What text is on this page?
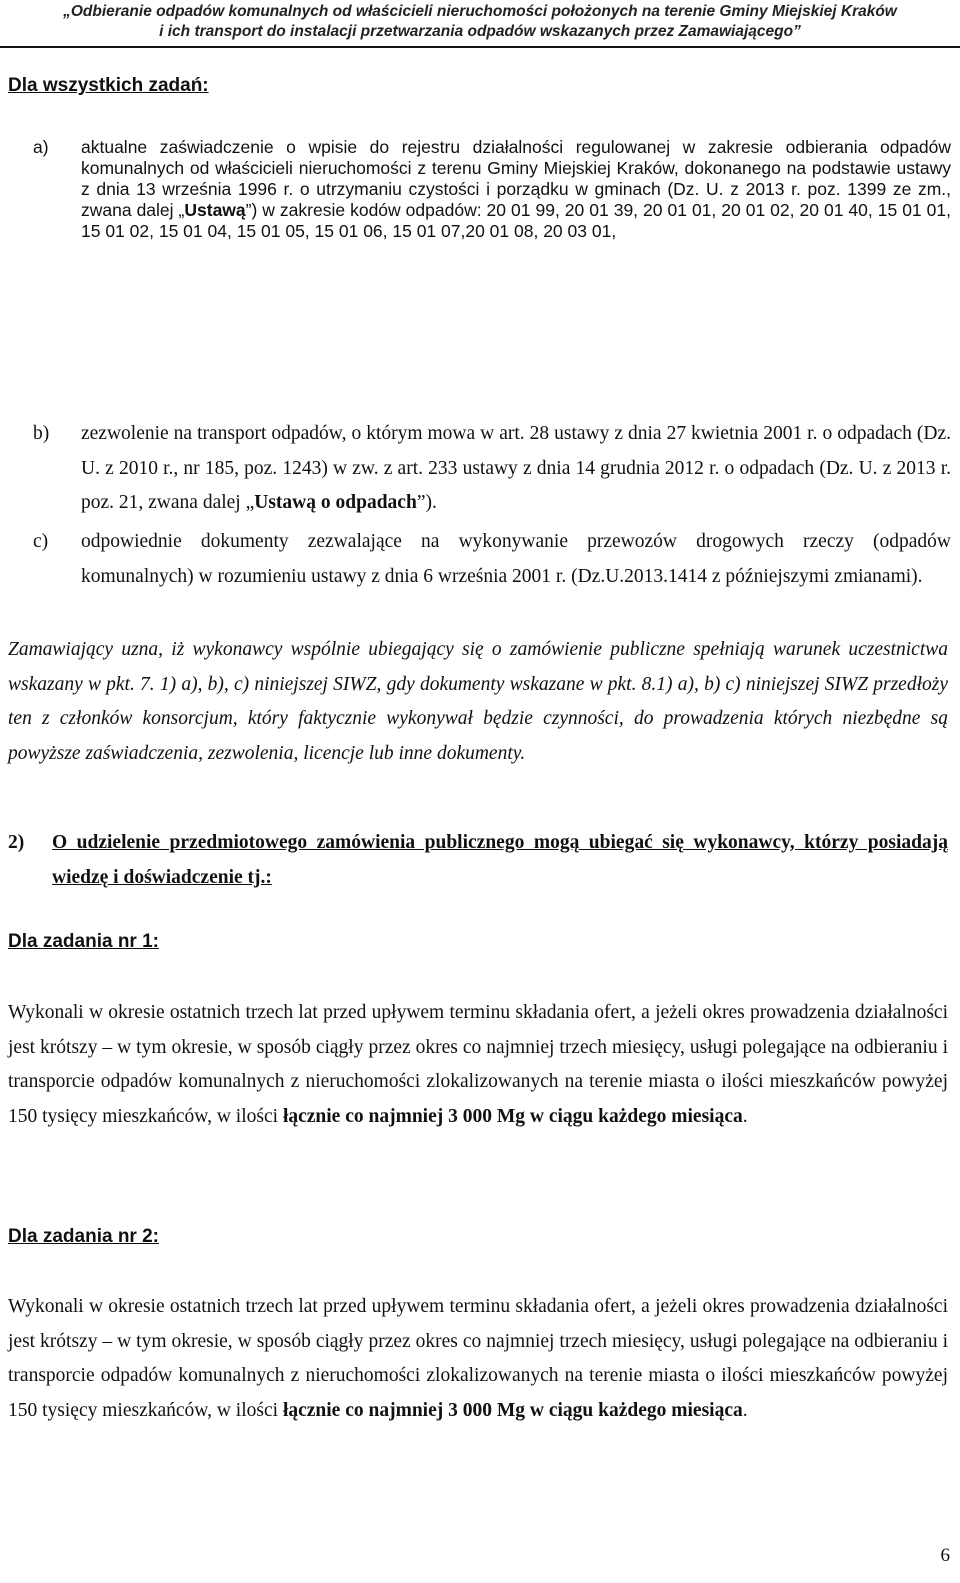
„Odbieranie odpadów komunalnych od właścicieli nieruchomości położonych na terenie Gminy Miejskiej Kraków
i ich transport do instalacji przetwarzania odpadów wskazanych przez Zamawiającego”
Dla wszystkich zadań:
a) aktualne zaświadczenie o wpisie do rejestru działalności regulowanej w zakresie odbierania odpadów komunalnych od właścicieli nieruchomości z terenu Gminy Miejskiej Kraków, dokonanego na podstawie ustawy z dnia 13 września 1996 r. o utrzymaniu czystości i porządku w gminach (Dz. U. z 2013 r. poz. 1399 ze zm., zwana dalej „Ustawą”) w zakresie kodów odpadów: 20 01 99, 20 01 39, 20 01 01, 20 01 02, 20 01 40, 15 01 01, 15 01 02, 15 01 04, 15 01 05, 15 01 06, 15 01 07,20 01 08, 20 03 01,

b) zezwolenie na transport odpadów, o którym mowa w art. 28 ustawy z dnia 27 kwietnia 2001 r. o odpadach (Dz. U. z 2010 r., nr 185, poz. 1243) w zw. z art. 233 ustawy z dnia 14 grudnia 2012 r. o odpadach (Dz. U. z 2013 r. poz. 21, zwana dalej „Ustawą o odpadach”).

c) odpowiednie dokumenty zezwalające na wykonywanie przewozów drogowych rzeczy (odpadów komunalnych) w rozumieniu ustawy z dnia 6 września 2001 r. (Dz.U.2013.1414 z późniejszymi zmianami).

Zamawiający uzna, iż wykonawcy wspólnie ubiegający się o zamówienie publiczne spełniają warunek uczestnictwa wskazany w pkt. 7. 1) a), b), c) niniejszej SIWZ, gdy dokumenty wskazane w pkt. 8.1) a), b) c) niniejszej SIWZ przedłoży ten z członków konsorcjum, który faktycznie wykonywał będzie czynności, do prowadzenia których niezbędne są powyższe zaświadczenia, zezwolenia, licencje lub inne dokumenty.

2) O udzielenie przedmiotowego zamówienia publicznego mogą ubiegać się wykonawcy, którzy posiadają wiedzę i doświadczenie tj.:

Dla zadania nr 1:

Wykonali w okresie ostatnich trzech lat przed upływem terminu składania ofert, a jeżeli okres prowadzenia działalności jest krótszy – w tym okresie, w sposób ciągły przez okres co najmniej trzech miesięcy, usługi polegające na odbieraniu i transporcie odpadów komunalnych z nieruchomości zlokalizowanych na terenie miasta o ilości mieszkańców powyżej 150 tysięcy mieszkańców, w ilości łącznie co najmniej 3 000 Mg w ciągu każdego miesiąca.

Dla zadania nr 2:

Wykonali w okresie ostatnich trzech lat przed upływem terminu składania ofert, a jeżeli okres prowadzenia działalności jest krótszy – w tym okresie, w sposób ciągły przez okres co najmniej trzech miesięcy, usługi polegające na odbieraniu i transporcie odpadów komunalnych z nieruchomości zlokalizowanych na terenie miasta o ilości mieszkańców powyżej 150 tysięcy mieszkańców, w ilości łącznie co najmniej 3 000 Mg w ciągu każdego miesiąca.

6
